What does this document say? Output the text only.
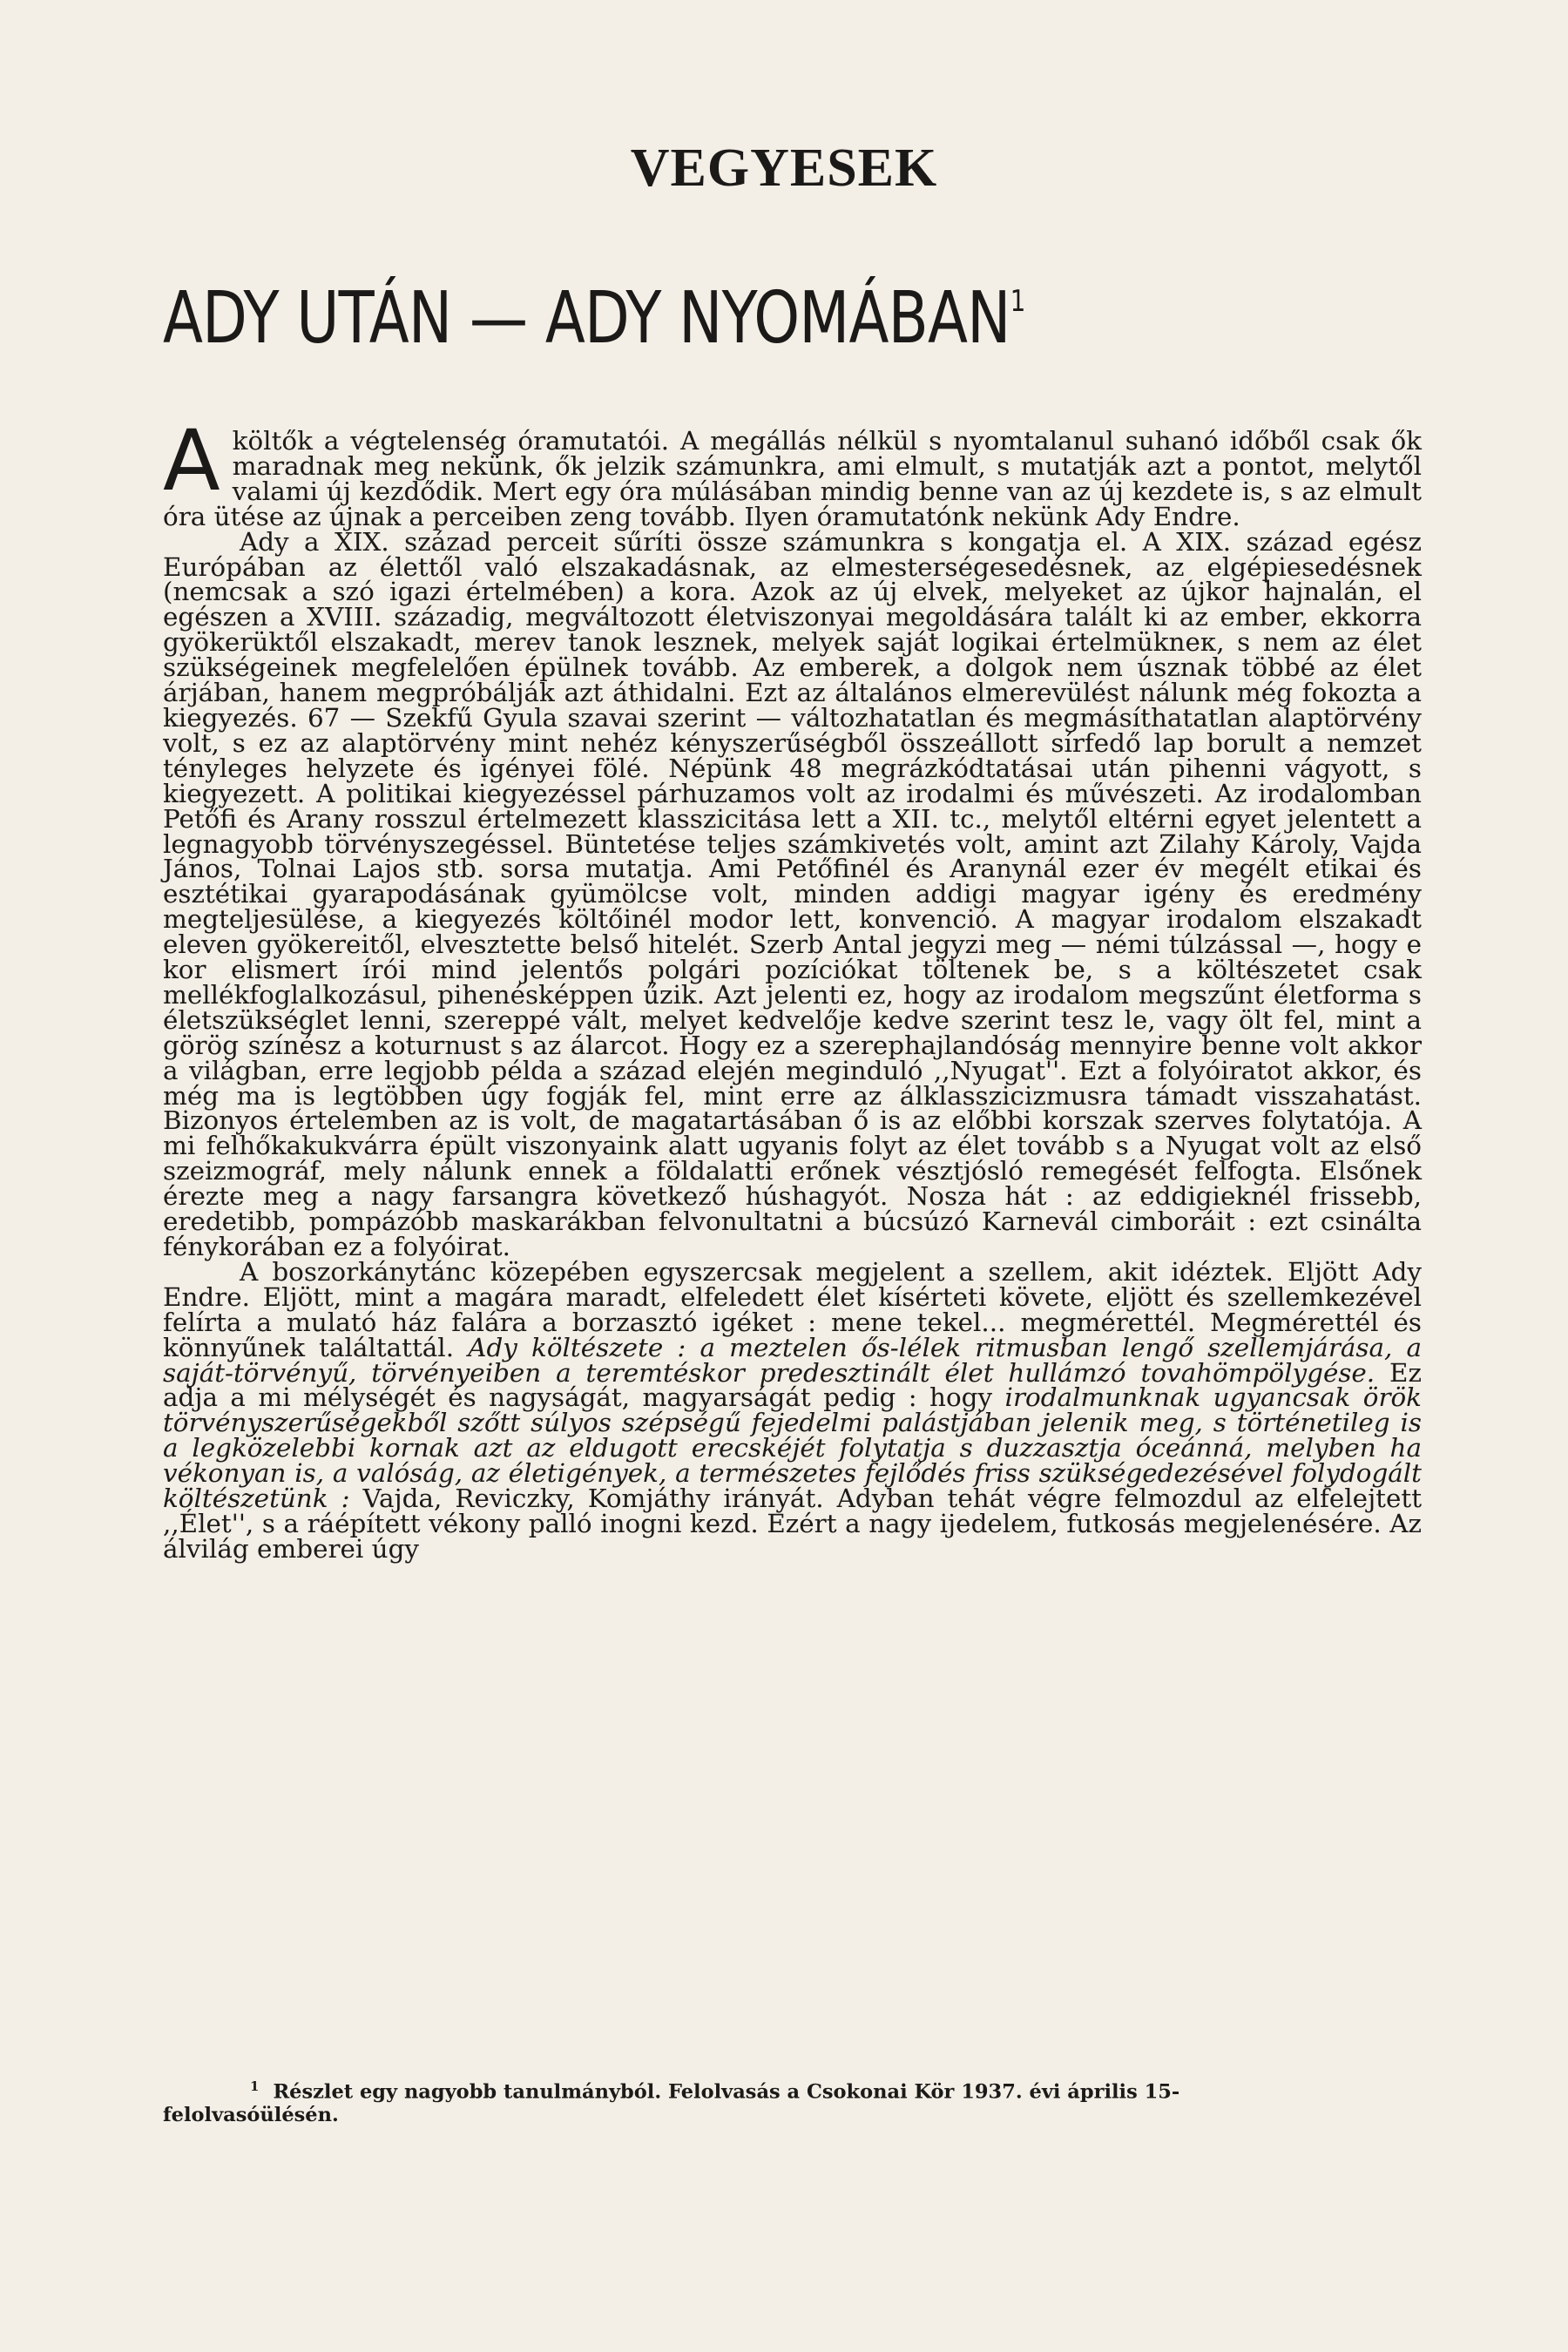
VEGYESEK
ADY UTÁN — ADY NYOMÁBAN$^1$

Aköltők a végtelenség óramutatói. A megállás nélkül s nyomtalanul suhanó időből csak ők maradnak meg nekünk, ők jelzik számunkra, ami elmult, s mutatják azt a pontot, melytől valami új kezdődik. Mert egy óra múlásában mindig benne van az új kezdete is, s az elmult óra ütése az újnak a perceiben zeng tovább. Ilyen óramutatónk nekünk Ady Endre.

Ady a XIX. század perceit sűríti össze számunkra s kongatja el. A XIX. század egész Európában az élettől való elszakadásnak, az elmesterségesedésnek, az elgépiesedésnek (nemcsak a szó igazi értelmében) a kora. Azok az új elvek, melyeket az újkor hajnalán, el egészen a XVIII. századig, megváltozott életviszonyai megoldására talált ki az ember, ekkorra gyökerüktől elszakadt, merev tanok lesznek, melyek saját logikai értelmükneк, s nem az élet szükségeinek megfelelően épülnek tovább. Az emberek, a dolgok nem úsznak többé az élet árjában, hanem megpróbálják azt áthidalni. Ezt az általános elmerevülést nálunk még fokozta a kiegyezés. 67 — Szekfű Gyula szavai szerint — változhatatlan és megmásíthatatlan alaptörvény volt, s ez az alaptörvény mint nehéz kényszerűségből összeállott sírfedő lap borult a nemzet tényleges helyzete és igényei fölé. Népünk 48 megrázkódtatásai után pihenni vágyott, s kiegyezett. A politikai kiegyezéssel párhuzamos volt az irodalmi és művészeti. Az irodalomban Petőfi és Arany rosszul értelmezett klasszicitása lett a XII. tc., melytől eltérni egyet jelentett a legnagyobb törvényszegéssel. Büntetése teljes számkivetés volt, amint azt Zilahy Károly, Vajda János, Tolnai Lajos stb. sorsa mutatja. Ami Petőfinél és Aranynál ezer év megélt etikai és esztétikai gyarapodásának gyümölcse volt, minden addigi magyar igény és eredmény megteljesülése, a kiegyezés költőinél modor lett, konvenció. A magyar irodalom elszakadt eleven gyökereitől, elvesztette belső hitelét. Szerb Antal jegyzi meg — némi túlzással —, hogy e kor elismert írói mind jelentős polgári pozíciókat töltenek be, s a költészetet csak mellékfoglalkozásul, pihenésképpen űzik. Azt jelenti ez, hogy az irodalom megszűnt életforma s életszükséglet lenni, szereppé vált, melyet kedvelője kedve szerint tesz le, vagy ölt fel, mint a görög színész a koturnust s az álarcot. Hogy ez a szerephajlandóság mennyire benne volt akkor a világban, erre legjobb példa a század elején meginduló ,,Nyugat''. Ezt a folyóiratot akkor, és még ma is legtöbben úgy fogják fel, mint erre az álklasszicizmusra támadt visszahatást. Bizonyos értelemben az is volt, de magatartásában ő is az előbbi korszak szerves folytatója. A mi felhőkakukvárra épült viszonyaink alatt ugyanis folyt az élet tovább s a Nyugat volt az első szeizmográf, mely nálunk ennek a földalatti erőnek vésztjósló remegését felfogta. Elsőnek érezte meg a nagy farsangra következő húshagyót. Nosza hát : az eddigieknél frissebb, eredetibb, pompázóbb maskarákban felvonultatni a búcsúzó Karnevál cimboráit : ezt csinálta fénykorában ez a folyóirat.

A boszorkánytánc közepében egyszercsak megjelent a szellem, akit idéztek. Eljött Ady Endre. Eljött, mint a magára maradt, elfeledett élet kísérteti követe, eljött és szellemkezével felírta a mulató ház falára a borzasztó igéket : mene tekel... megmérettél. Megmérettél és könnyűnek találtattál. Ady költészete : a meztelen ős-lélek ritmusban lengő szellemjárása, a saját-törvényű, törvényeiben a teremtéskor predesztinált élet hullámzó tovahömpölygése. Ez adja a mi mélységét és nagyságát, magyarságát pedig : hogy irodalmunknak ugyancsak örök törvényszerűségekből szőtt súlyos szépségű fejedelmi palástjában jelenik meg, s történetileg is a legközelebbi kornak azt az eldugott erecskéjét folytatja s duzzasztja óceánná, melyben ha vékonyan is, a valóság, az életigények, a természetes fejlődés friss szükségedezésével folydogált költészetünk : Vajda, Reviczky, Komjáthy irányát. Adyban tehát végre felmozdul az elfelejtett ,,Élet'', s a ráépített vékony palló inogni kezd. Ezért a nagy ijedelem, futkosás megjelenésére. Az álvilág emberei úgy

$^1$ Részlet egy nagyobb tanulmányból. Felolvasás a Csokonai Kör 1937. évi április 15-
felolvasóülésén.
